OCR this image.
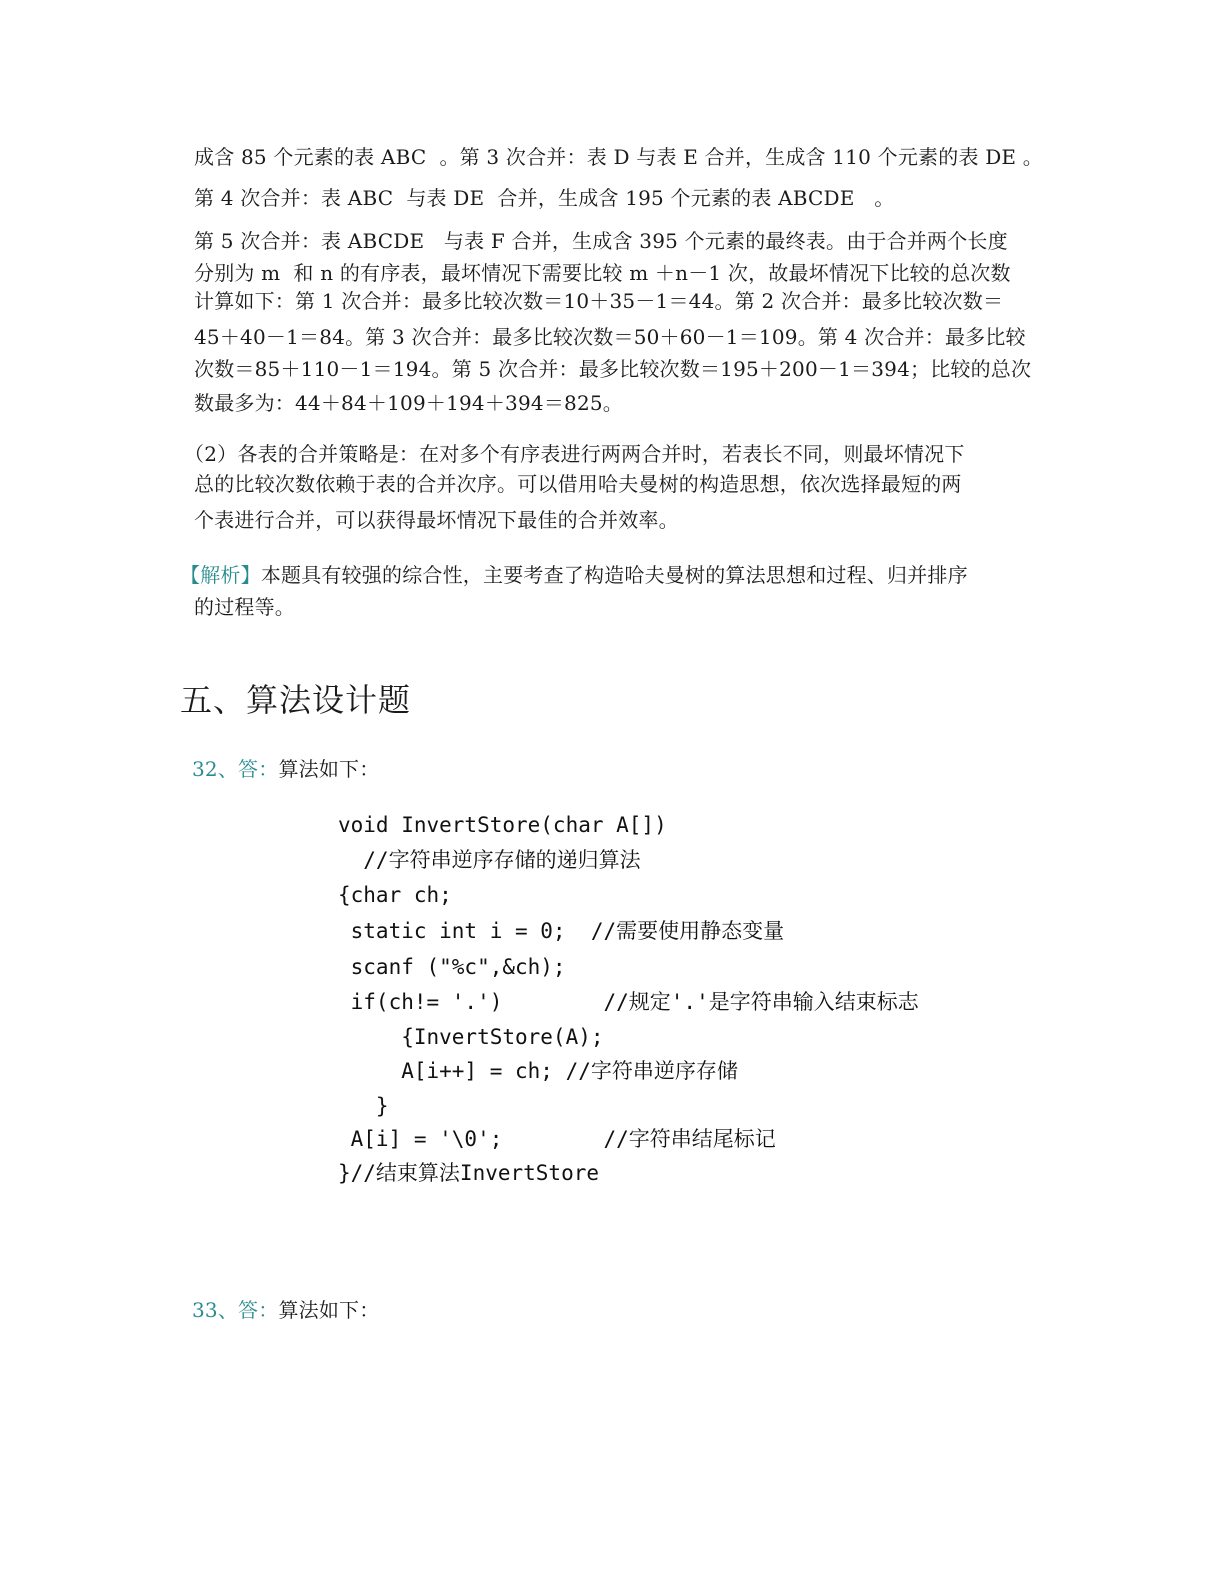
成含 85 个元素的表 ABC  。第 3 次合并：表 D 与表 E 合并，生成含 110 个元素的表 DE 。
第 4 次合并：表 ABC  与表 DE  合并，生成含 195 个元素的表 ABCDE   。
第 5 次合并：表 ABCDE   与表 F 合并，生成含 395 个元素的最终表。由于合并两个长度
分别为 m  和 n 的有序表，最坏情况下需要比较 m ＋n－1 次，故最坏情况下比较的总次数
计算如下：第 1 次合并：最多比较次数＝10＋35－1＝44。第 2 次合并：最多比较次数＝
45＋40－1＝84。第 3 次合并：最多比较次数＝50＋60－1＝109。第 4 次合并：最多比较
次数＝85＋110－1＝194。第 5 次合并：最多比较次数＝195＋200－1＝394；比较的总次
数最多为：44＋84＋109＋194＋394＝825。
（2）各表的合并策略是：在对多个有序表进行两两合并时，若表长不同，则最坏情况下
总的比较次数依赖于表的合并次序。可以借用哈夫曼树的构造思想，依次选择最短的两
个表进行合并，可以获得最坏情况下最佳的合并效率。
【解析】本题具有较强的综合性，主要考查了构造哈夫曼树的算法思想和过程、归并排序
的过程等。
五、算法设计题
32、答：算法如下：
void InvertStore(char A[])
//字符串逆序存储的递归算法
{char ch;
static int i = 0;  //需要使用静态变量
scanf ("%c",&ch);
if(ch!= '.')        //规定'.'是字符串输入结束标志
{InvertStore(A);
A[i++] = ch; //字符串逆序存储
}
A[i] = '\0';        //字符串结尾标记
}//结束算法InvertStore
33、答：算法如下：
